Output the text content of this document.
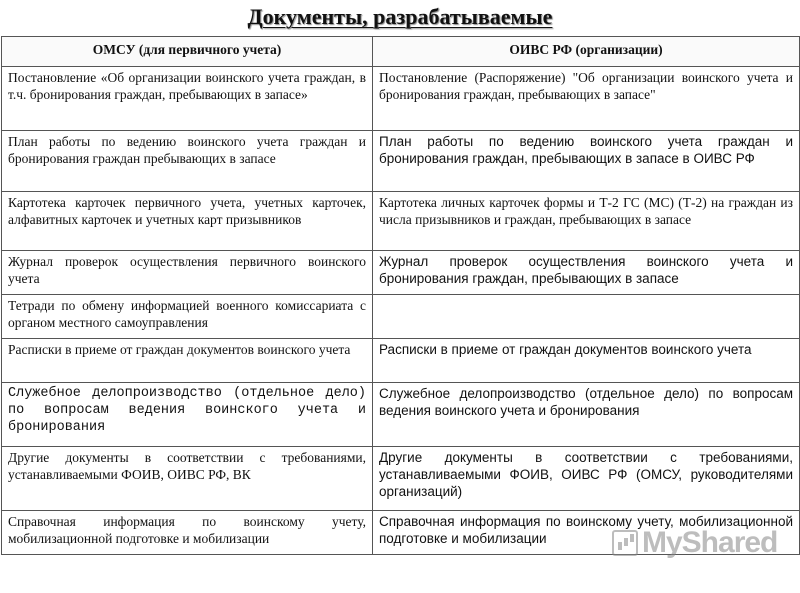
Документы, разрабатываемые
ОМСУ (для первичного учета)	ОИВС РФ (организации)
Постановление «Об организации воинского учета граждан, в т.ч. бронирования граждан, пребывающих в запасе»	Постановление (Распоряжение) "Об организации воинского учета и бронирования граждан, пребывающих в запасе"
План работы по ведению воинского учета граждан и бронирования граждан пребывающих в запасе	План работы по ведению воинского учета граждан и бронирования граждан, пребывающих в запасе в ОИВС РФ
Картотека карточек первичного учета, учетных карточек, алфавитных карточек и учетных карт призывников	Картотека личных карточек формы и Т-2 ГС (МС) (Т-2) на граждан из числа призывников и граждан, пребывающих в запасе
Журнал проверок осуществления первичного воинского учета	Журнал проверок осуществления воинского учета и бронирования граждан, пребывающих в запасе
Тетради по обмену информацией военного комиссариата с органом местного самоуправления	
Расписки в приеме от граждан документов воинского учета	Расписки в приеме от граждан документов воинского учета
Служебное делопроизводство (отдельное дело) по вопросам ведения воинского учета и бронирования	Служебное делопроизводство (отдельное дело) по вопросам ведения воинского учета и бронирования
Другие документы в соответствии с требованиями, устанавливаемыми ФОИВ, ОИВС РФ, ВК	Другие документы в соответствии с требованиями, устанавливаемыми ФОИВ, ОИВС РФ (ОМСУ, руководителями организаций)
Справочная информация по воинскому учету, мобилизационной подготовке и мобилизации	Справочная информация по воинскому учету, мобилизационной подготовке и мобилизации	MyShared
